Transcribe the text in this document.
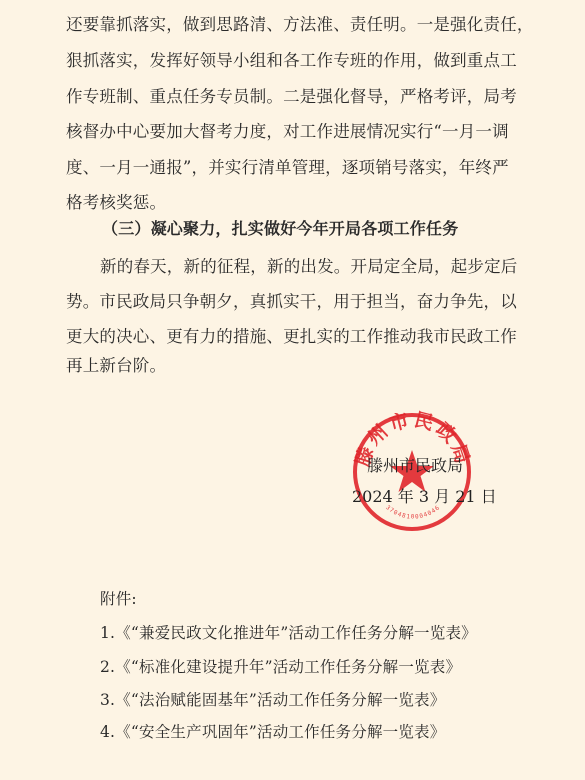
还要靠抓落实，做到思路清、方法准、责任明。一是强化责任，
狠抓落实，发挥好领导小组和各工作专班的作用，做到重点工
作专班制、重点任务专员制。二是强化督导，严格考评，局考
核督办中心要加大督考力度，对工作进展情况实行“一月一调
度、一月一通报”，并实行清单管理，逐项销号落实，年终严
格考核奖惩。
（三）凝心聚力，扎实做好今年开局各项工作任务
新的春天，新的征程，新的出发。开局定全局，起步定后
势。市民政局只争朝夕，真抓实干，用于担当，奋力争先，以
更大的决心、更有力的措施、更扎实的工作推动我市民政工作
再上新台阶。
滕州市民政局
3704810004046
滕州市民政局
2024 年 3 月 21 日
附件:
1.《“兼爱民政文化推进年”活动工作任务分解一览表》
2.《“标准化建设提升年”活动工作任务分解一览表》
3.《“法治赋能固基年”活动工作任务分解一览表》
4.《“安全生产巩固年”活动工作任务分解一览表》
